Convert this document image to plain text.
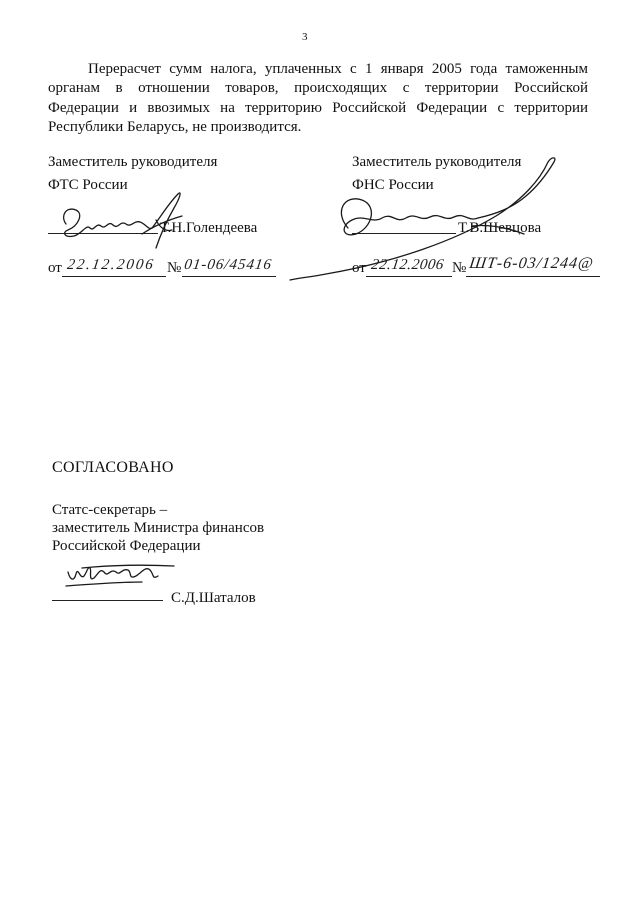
3
Перерасчет сумм налога, уплаченных с 1 января 2005 года таможенным
органам в отношении товаров, происходящих с территории Российской
Федерации и ввозимых на территорию Российской Федерации с территории
Республики Беларусь, не производится.
Заместитель руководителя
ФТС России
Т.Н.Голендеева
от 22.12.2006 № 01-06/45416
Заместитель руководителя
ФНС России
Т.В.Шевцова
от 22.12.2006 № ШТ-6-03/1244@
СОГЛАСОВАНО
Статс-секретарь –
заместитель Министра финансов
Российской Федерации
С.Д.Шаталов
